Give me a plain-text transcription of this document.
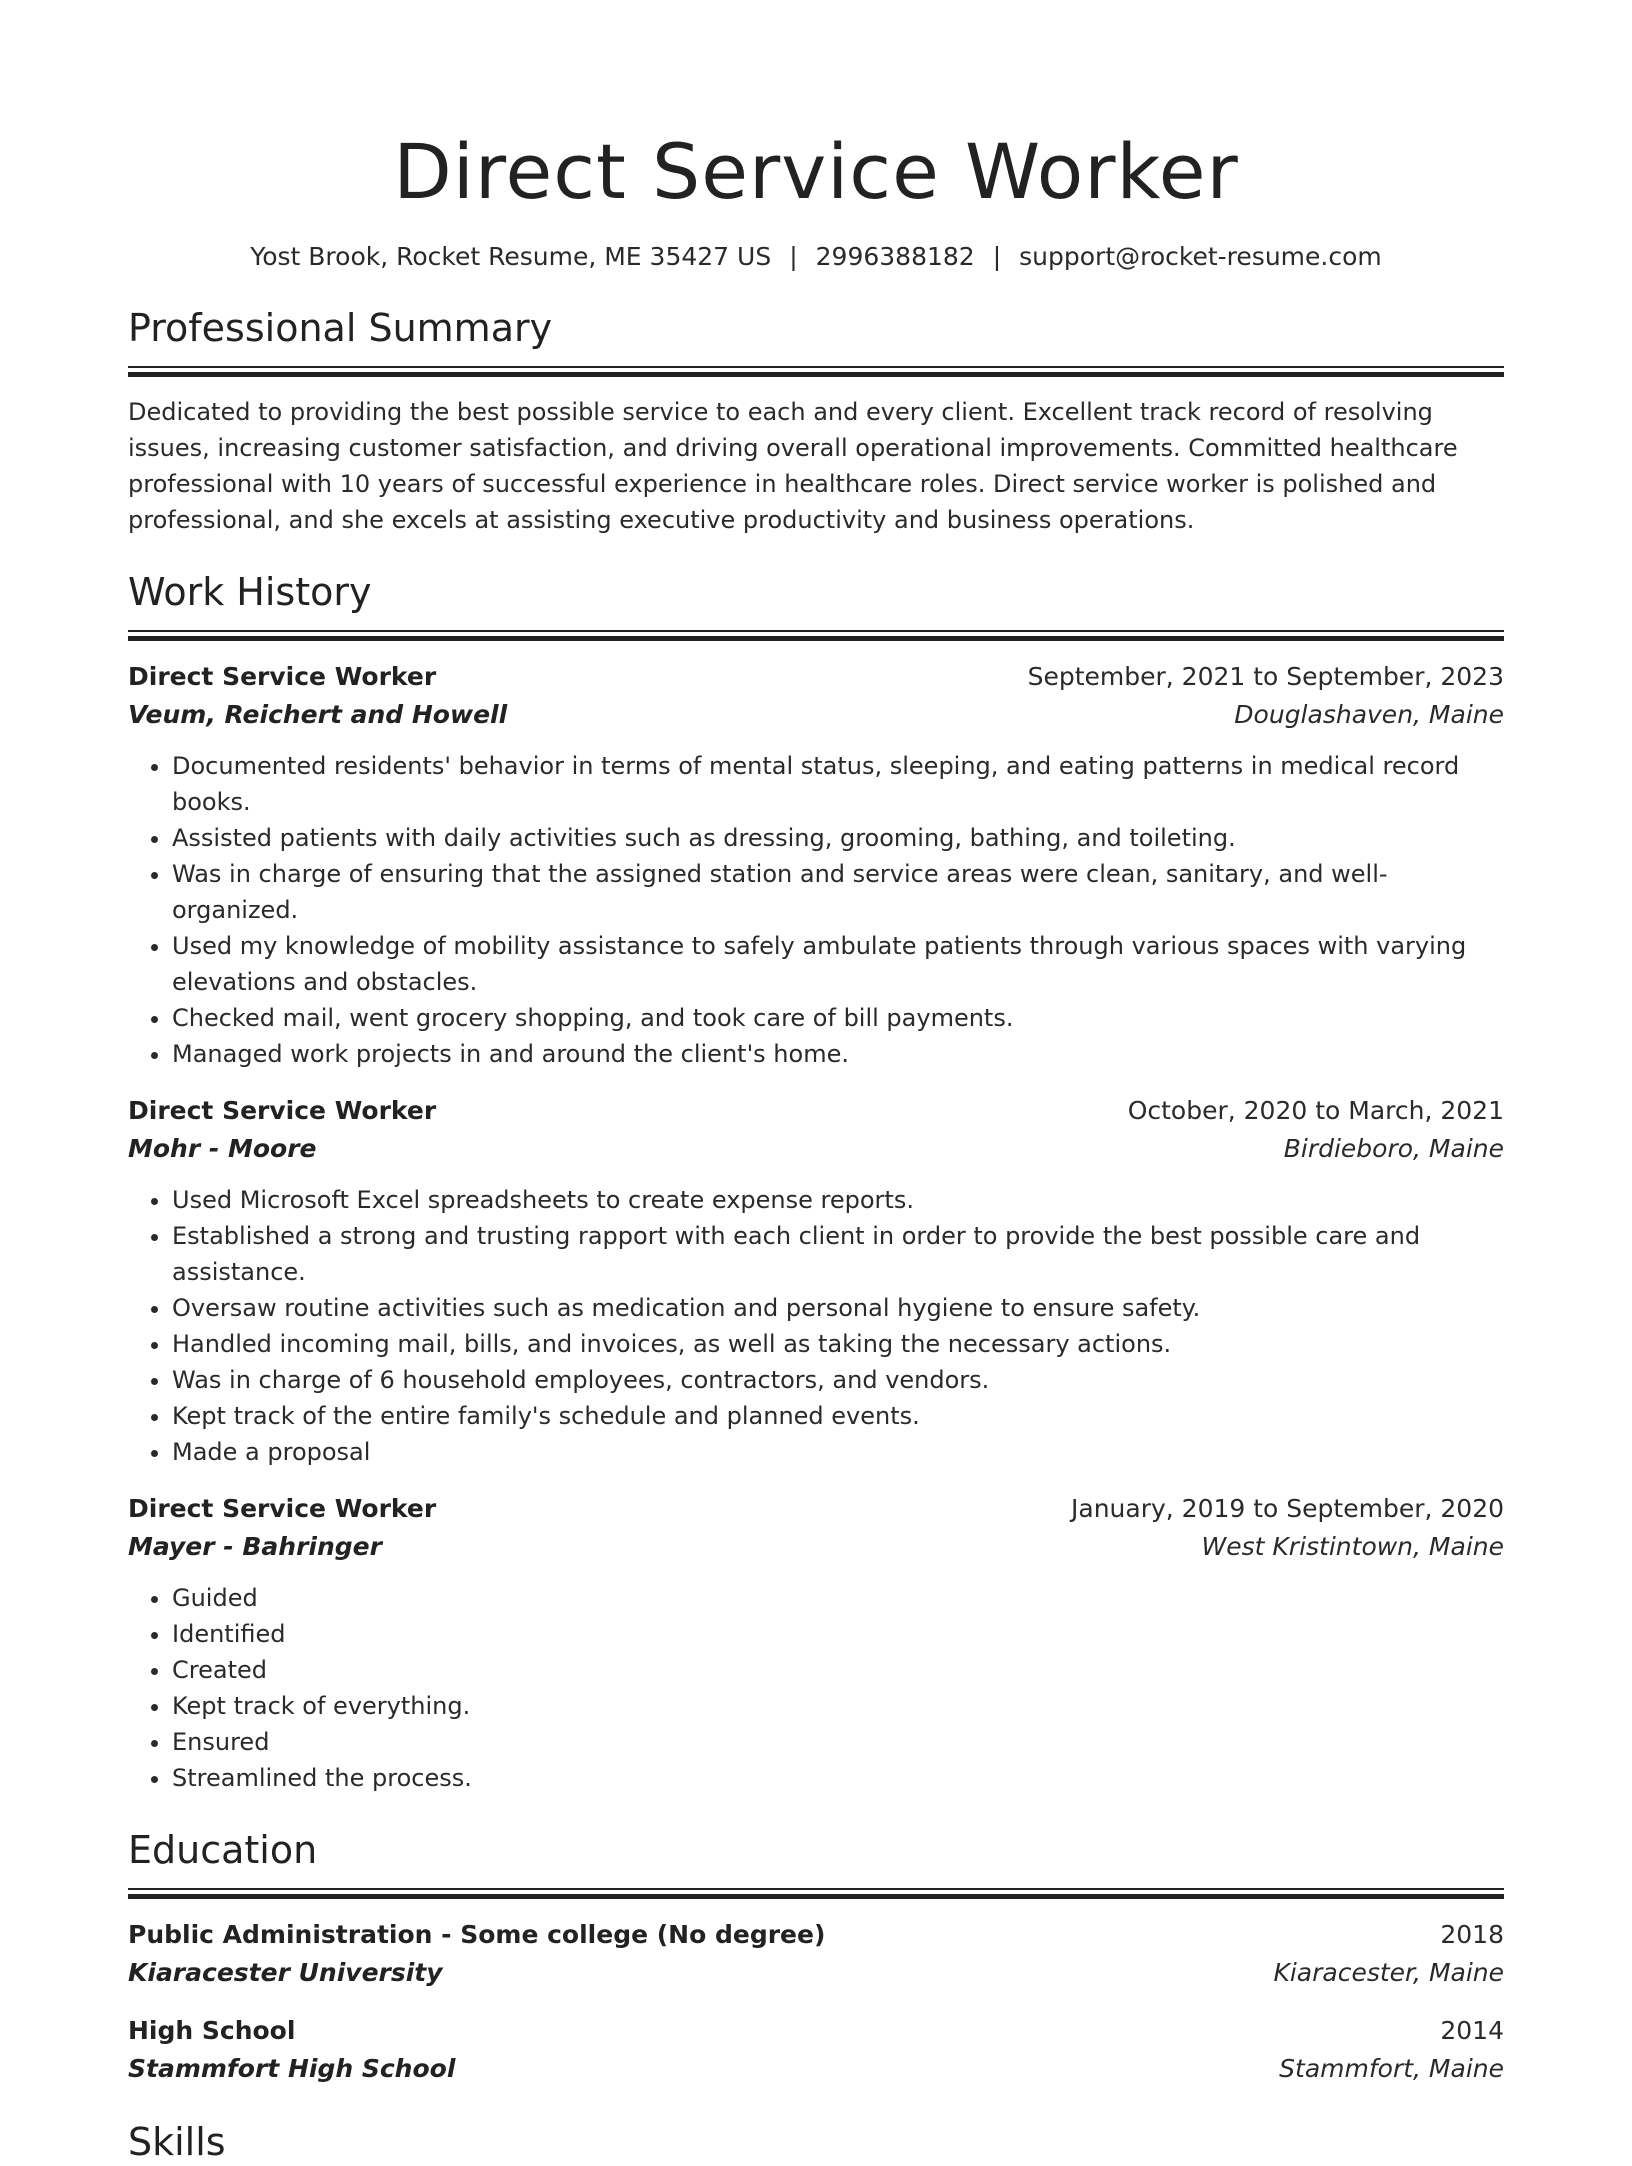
Direct Service Worker
Yost Brook, Rocket Resume, ME 35427 US | 2996388182 | support@rocket-resume.com
Professional Summary
Dedicated to providing the best possible service to each and every client. Excellent track record of resolving issues, increasing customer satisfaction, and driving overall operational improvements. Committed healthcare professional with 10 years of successful experience in healthcare roles. Direct service worker is polished and professional, and she excels at assisting executive productivity and business operations.
Work History
Direct Service Worker	September, 2021 to September, 2023
Veum, Reichert and Howell	Douglashaven, Maine
• Documented residents' behavior in terms of mental status, sleeping, and eating patterns in medical record books.
• Assisted patients with daily activities such as dressing, grooming, bathing, and toileting.
• Was in charge of ensuring that the assigned station and service areas were clean, sanitary, and well-organized.
• Used my knowledge of mobility assistance to safely ambulate patients through various spaces with varying elevations and obstacles.
• Checked mail, went grocery shopping, and took care of bill payments.
• Managed work projects in and around the client's home.
Direct Service Worker	October, 2020 to March, 2021
Mohr - Moore	Birdieboro, Maine
• Used Microsoft Excel spreadsheets to create expense reports.
• Established a strong and trusting rapport with each client in order to provide the best possible care and assistance.
• Oversaw routine activities such as medication and personal hygiene to ensure safety.
• Handled incoming mail, bills, and invoices, as well as taking the necessary actions.
• Was in charge of 6 household employees, contractors, and vendors.
• Kept track of the entire family's schedule and planned events.
• Made a proposal
Direct Service Worker	January, 2019 to September, 2020
Mayer - Bahringer	West Kristintown, Maine
• Guided
• Identified
• Created
• Kept track of everything.
• Ensured
• Streamlined the process.
Education
Public Administration - Some college (No degree)	2018
Kiaracester University	Kiaracester, Maine
High School	2014
Stammfort High School	Stammfort, Maine
Skills
